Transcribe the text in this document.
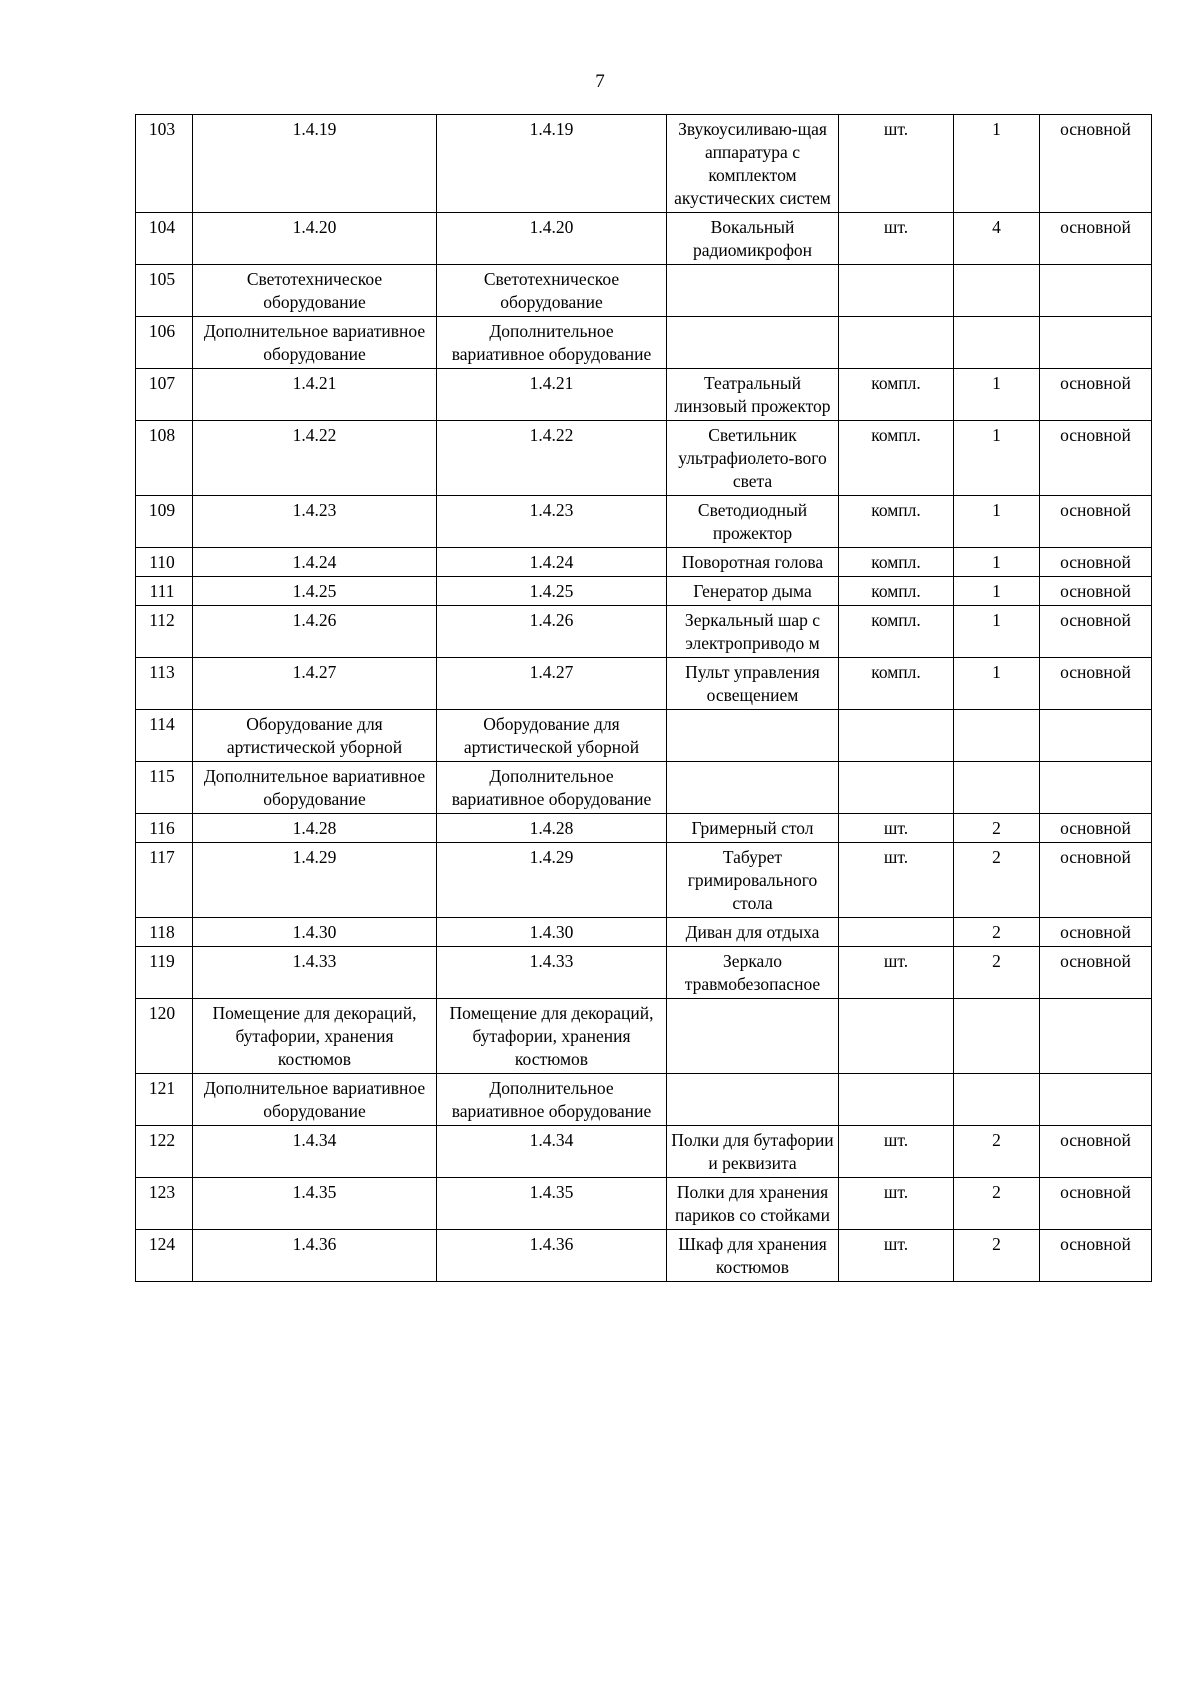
7
103	1.4.19	1.4.19	Звукоусиливаю-щая аппаратура с комплектом акустических систем	шт.	1	основной
104	1.4.20	1.4.20	Вокальный радиомикрофон	шт.	4	основной
105	Светотехническое оборудование	Светотехническое оборудование				
106	Дополнительное вариативное оборудование	Дополнительное вариативное оборудование				
107	1.4.21	1.4.21	Театральный линзовый прожектор	компл.	1	основной
108	1.4.22	1.4.22	Светильник ультрафиолето-вого света	компл.	1	основной
109	1.4.23	1.4.23	Светодиодный прожектор	компл.	1	основной
110	1.4.24	1.4.24	Поворотная голова	компл.	1	основной
111	1.4.25	1.4.25	Генератор дыма	компл.	1	основной
112	1.4.26	1.4.26	Зеркальный шар с электроприводо м	компл.	1	основной
113	1.4.27	1.4.27	Пульт управления освещением	компл.	1	основной
114	Оборудование для артистической уборной	Оборудование для артистической уборной				
115	Дополнительное вариативное оборудование	Дополнительное вариативное оборудование				
116	1.4.28	1.4.28	Гримерный стол	шт.	2	основной
117	1.4.29	1.4.29	Табурет гримировального стола	шт.	2	основной
118	1.4.30	1.4.30	Диван для отдыха		2	основной
119	1.4.33	1.4.33	Зеркало травмобезопасное	шт.	2	основной
120	Помещение для декораций, бутафории, хранения костюмов	Помещение для декораций, бутафории, хранения костюмов				
121	Дополнительное вариативное оборудование	Дополнительное вариативное оборудование				
122	1.4.34	1.4.34	Полки для бутафории и реквизита	шт.	2	основной
123	1.4.35	1.4.35	Полки для хранения париков со стойками	шт.	2	основной
124	1.4.36	1.4.36	Шкаф для хранения костюмов	шт.	2	основной
